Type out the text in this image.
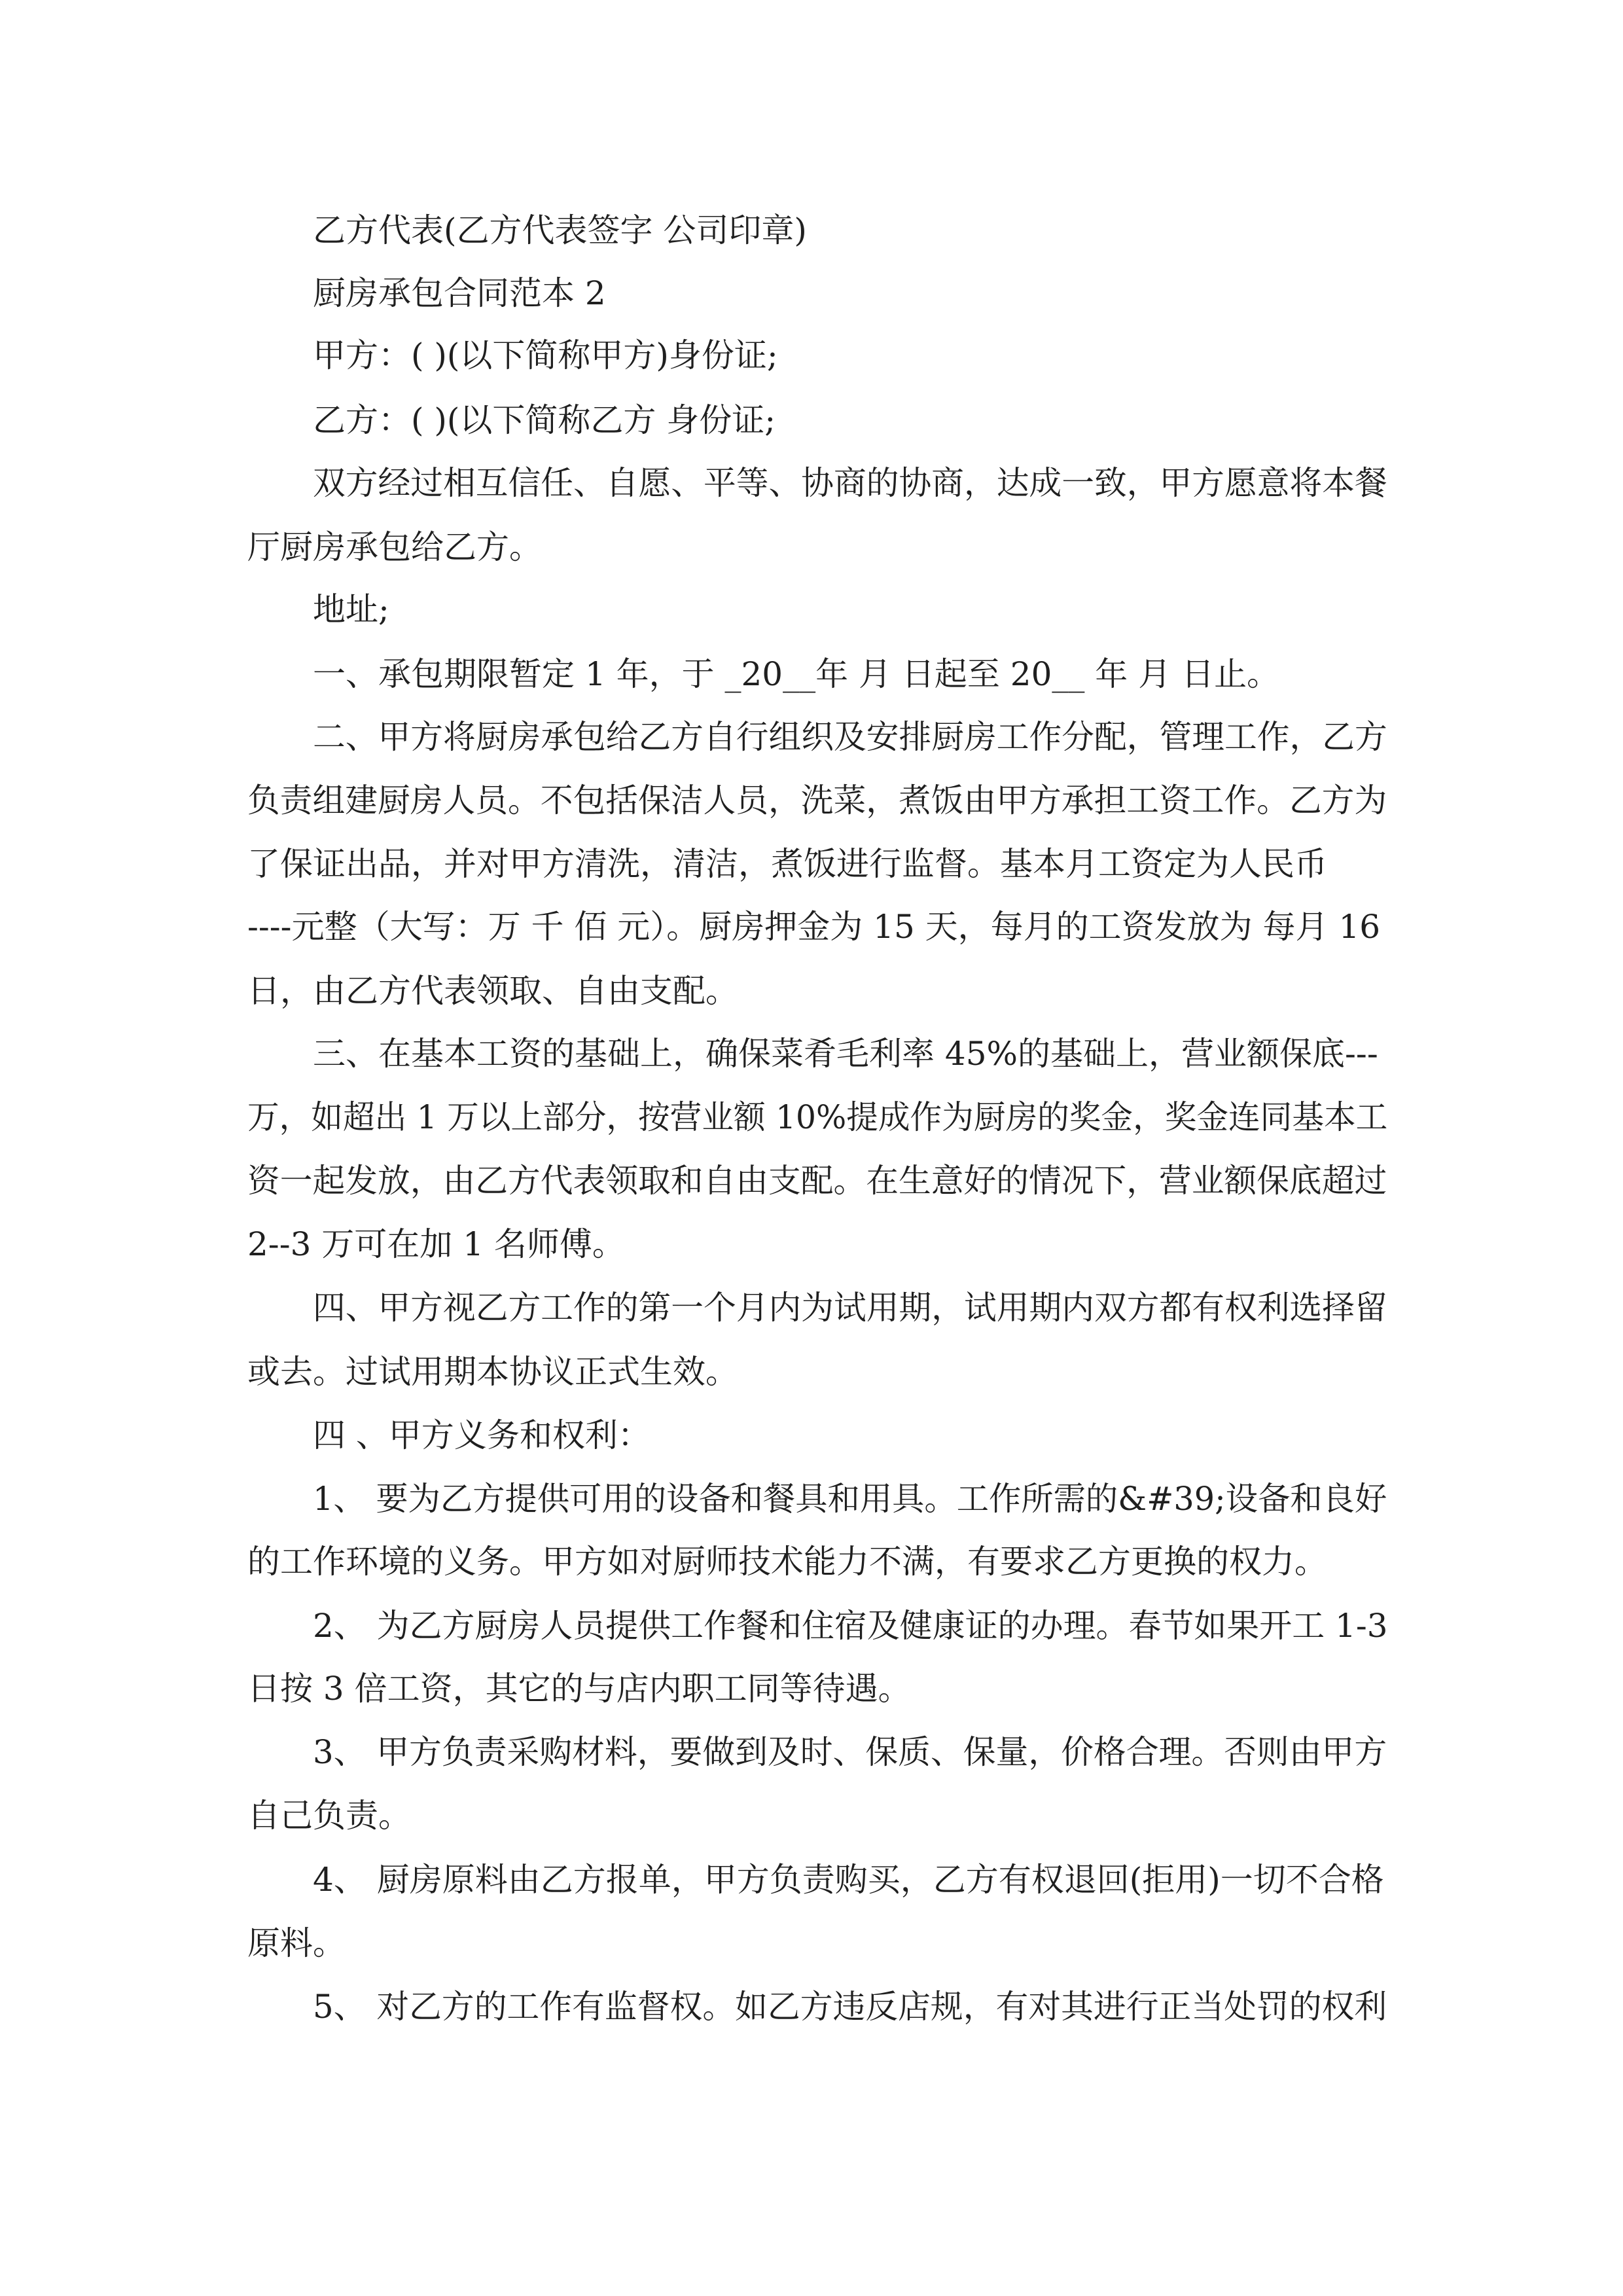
乙方代表(乙方代表签字 公司印章)
厨房承包合同范本 2
甲方：( )(以下简称甲方)身份证;
乙方：( )(以下简称乙方 身份证;
双方经过相互信任、自愿、平等、协商的协商，达成一致，甲方愿意将本餐
厅厨房承包给乙方。
地址;
一、承包期限暂定 1 年，于 _20__年 月 日起至 20__ 年 月 日止。
二、甲方将厨房承包给乙方自行组织及安排厨房工作分配，管理工作，乙方
负责组建厨房人员。不包括保洁人员，洗菜，煮饭由甲方承担工资工作。乙方为
了保证出品，并对甲方清洗，清洁，煮饭进行监督。基本月工资定为人民币
----元整（大写：万 千 佰 元）。厨房押金为 15 天，每月的工资发放为 每月 16
日，由乙方代表领取、自由支配。
三、在基本工资的基础上，确保菜肴毛利率 45%的基础上，营业额保底---
万，如超出 1 万以上部分，按营业额 10%提成作为厨房的奖金，奖金连同基本工
资一起发放，由乙方代表领取和自由支配。在生意好的情况下，营业额保底超过
2--3 万可在加 1 名师傅。
四、甲方视乙方工作的第一个月内为试用期，试用期内双方都有权利选择留
或去。过试用期本协议正式生效。
四 、甲方义务和权利：
1、 要为乙方提供可用的设备和餐具和用具。工作所需的&#39;设备和良好
的工作环境的义务。甲方如对厨师技术能力不满，有要求乙方更换的权力。
2、 为乙方厨房人员提供工作餐和住宿及健康证的办理。春节如果开工 1-3
日按 3 倍工资，其它的与店内职工同等待遇。
3、 甲方负责采购材料，要做到及时、保质、保量，价格合理。否则由甲方
自己负责。
4、 厨房原料由乙方报单，甲方负责购买，乙方有权退回(拒用)一切不合格
原料。
5、 对乙方的工作有监督权。如乙方违反店规，有对其进行正当处罚的权利
